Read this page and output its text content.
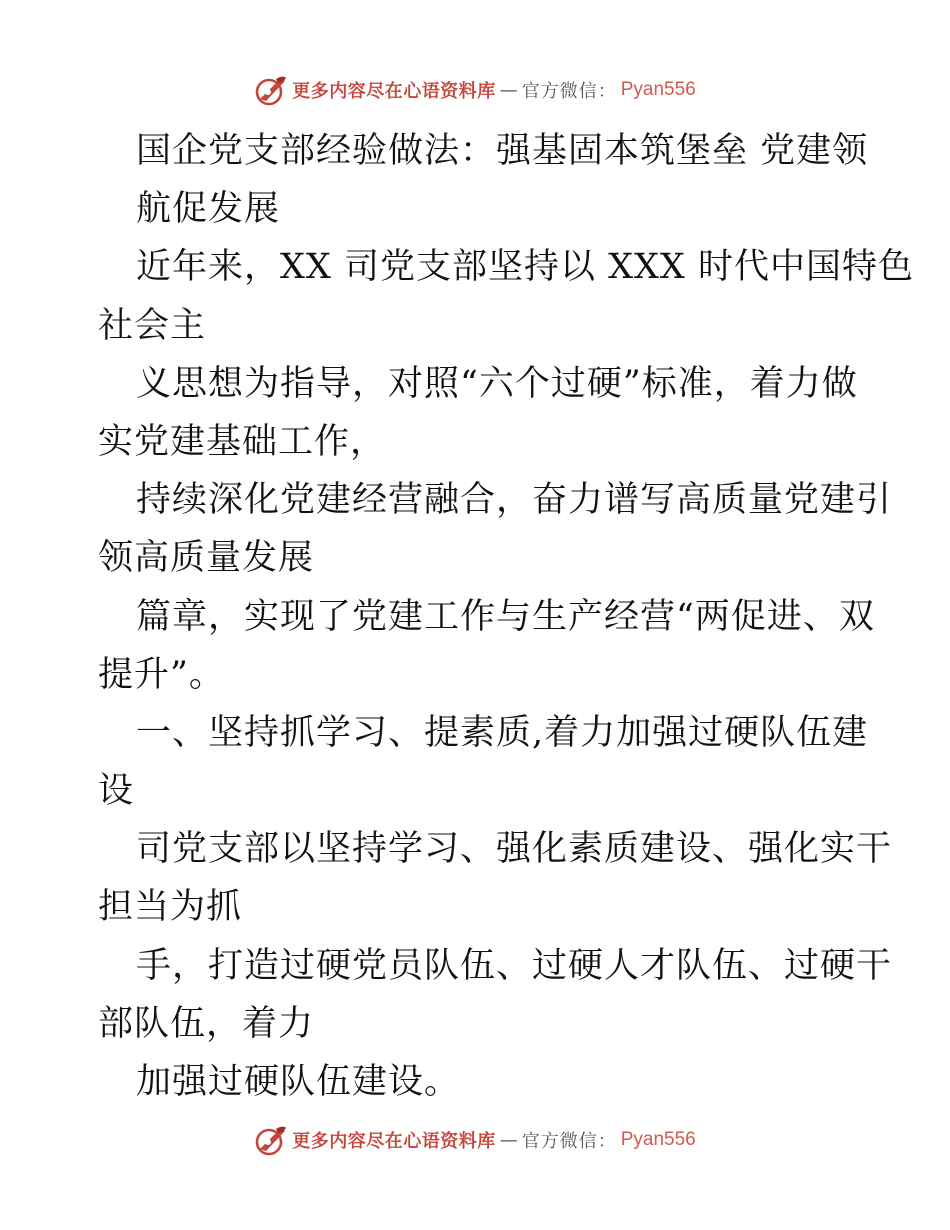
更多内容尽在心语资料库 — 官方微信： Pyan556
国企党支部经验做法：强基固本筑堡垒 党建领
航促发展
近年来，XX 司党支部坚持以 XXX 时代中国特色
社会主
义思想为指导，对照“六个过硬”标准，着力做
实党建基础工作，
持续深化党建经营融合，奋力谱写高质量党建引
领高质量发展
篇章，实现了党建工作与生产经营“两促进、双
提升”。
一、坚持抓学习、提素质,着力加强过硬队伍建
设
司党支部以坚持学习、强化素质建设、强化实干
担当为抓
手，打造过硬党员队伍、过硬人才队伍、过硬干
部队伍，着力
加强过硬队伍建设。
更多内容尽在心语资料库 — 官方微信： Pyan556
